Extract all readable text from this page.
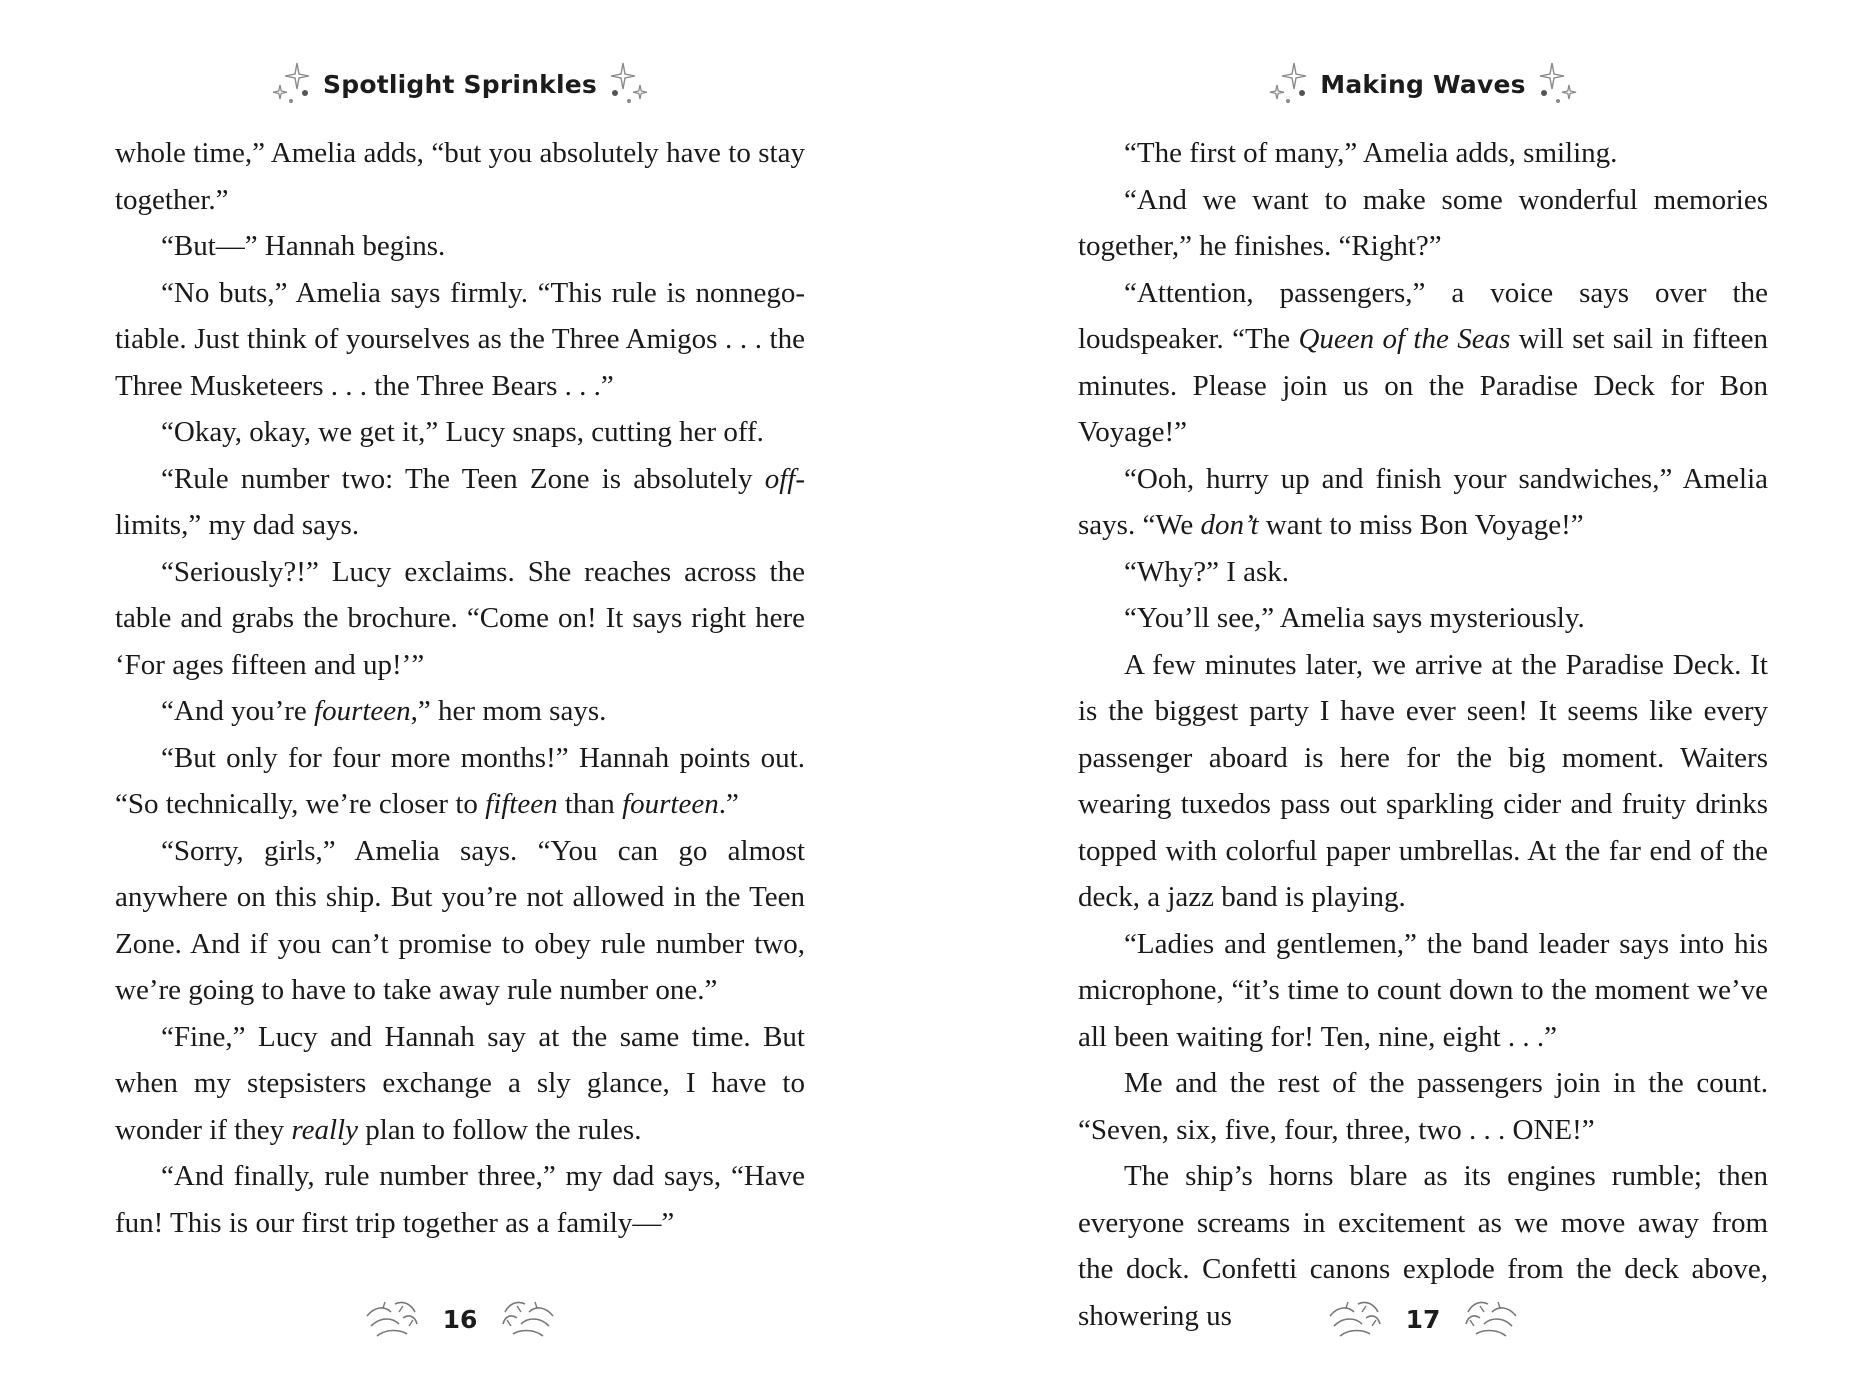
Spotlight Sprinkles

whole time,” Amelia adds, “but you absolutely have to stay together.”

“But—” Hannah begins.

“No buts,” Amelia says firmly. “This rule is nonnegotiable. Just think of yourselves as the Three Amigos . . . the Three Musketeers . . . the Three Bears . . .”

“Okay, okay, we get it,” Lucy snaps, cutting her off.

“Rule number two: The Teen Zone is absolutely off-limits,” my dad says.

“Seriously?!” Lucy exclaims. She reaches across the table and grabs the brochure. “Come on! It says right here ‘For ages fifteen and up!’”

“And you’re fourteen,” her mom says.

“But only for four more months!” Hannah points out. “So technically, we’re closer to fifteen than fourteen.”

“Sorry, girls,” Amelia says. “You can go almost anywhere on this ship. But you’re not allowed in the Teen Zone. And if you can’t promise to obey rule number two, we’re going to have to take away rule number one.”

“Fine,” Lucy and Hannah say at the same time. But when my stepsisters exchange a sly glance, I have to wonder if they really plan to follow the rules.

“And finally, rule number three,” my dad says, “Have fun! This is our first trip together as a family—”

16
Making Waves

“The first of many,” Amelia adds, smiling.

“And we want to make some wonderful memories together,” he finishes. “Right?”

“Attention, passengers,” a voice says over the loudspeaker. “The Queen of the Seas will set sail in fifteen minutes. Please join us on the Paradise Deck for Bon Voyage!”

“Ooh, hurry up and finish your sandwiches,” Amelia says. “We don’t want to miss Bon Voyage!”

“Why?” I ask.

“You’ll see,” Amelia says mysteriously.

A few minutes later, we arrive at the Paradise Deck. It is the biggest party I have ever seen! It seems like every passenger aboard is here for the big moment. Waiters wearing tuxedos pass out sparkling cider and fruity drinks topped with colorful paper umbrellas. At the far end of the deck, a jazz band is playing.

“Ladies and gentlemen,” the band leader says into his microphone, “it’s time to count down to the moment we’ve all been waiting for! Ten, nine, eight . . .”

Me and the rest of the passengers join in the count. “Seven, six, five, four, three, two . . . ONE!”

The ship’s horns blare as its engines rumble; then everyone screams in excitement as we move away from the dock. Confetti canons explode from the deck above, showering us	17
